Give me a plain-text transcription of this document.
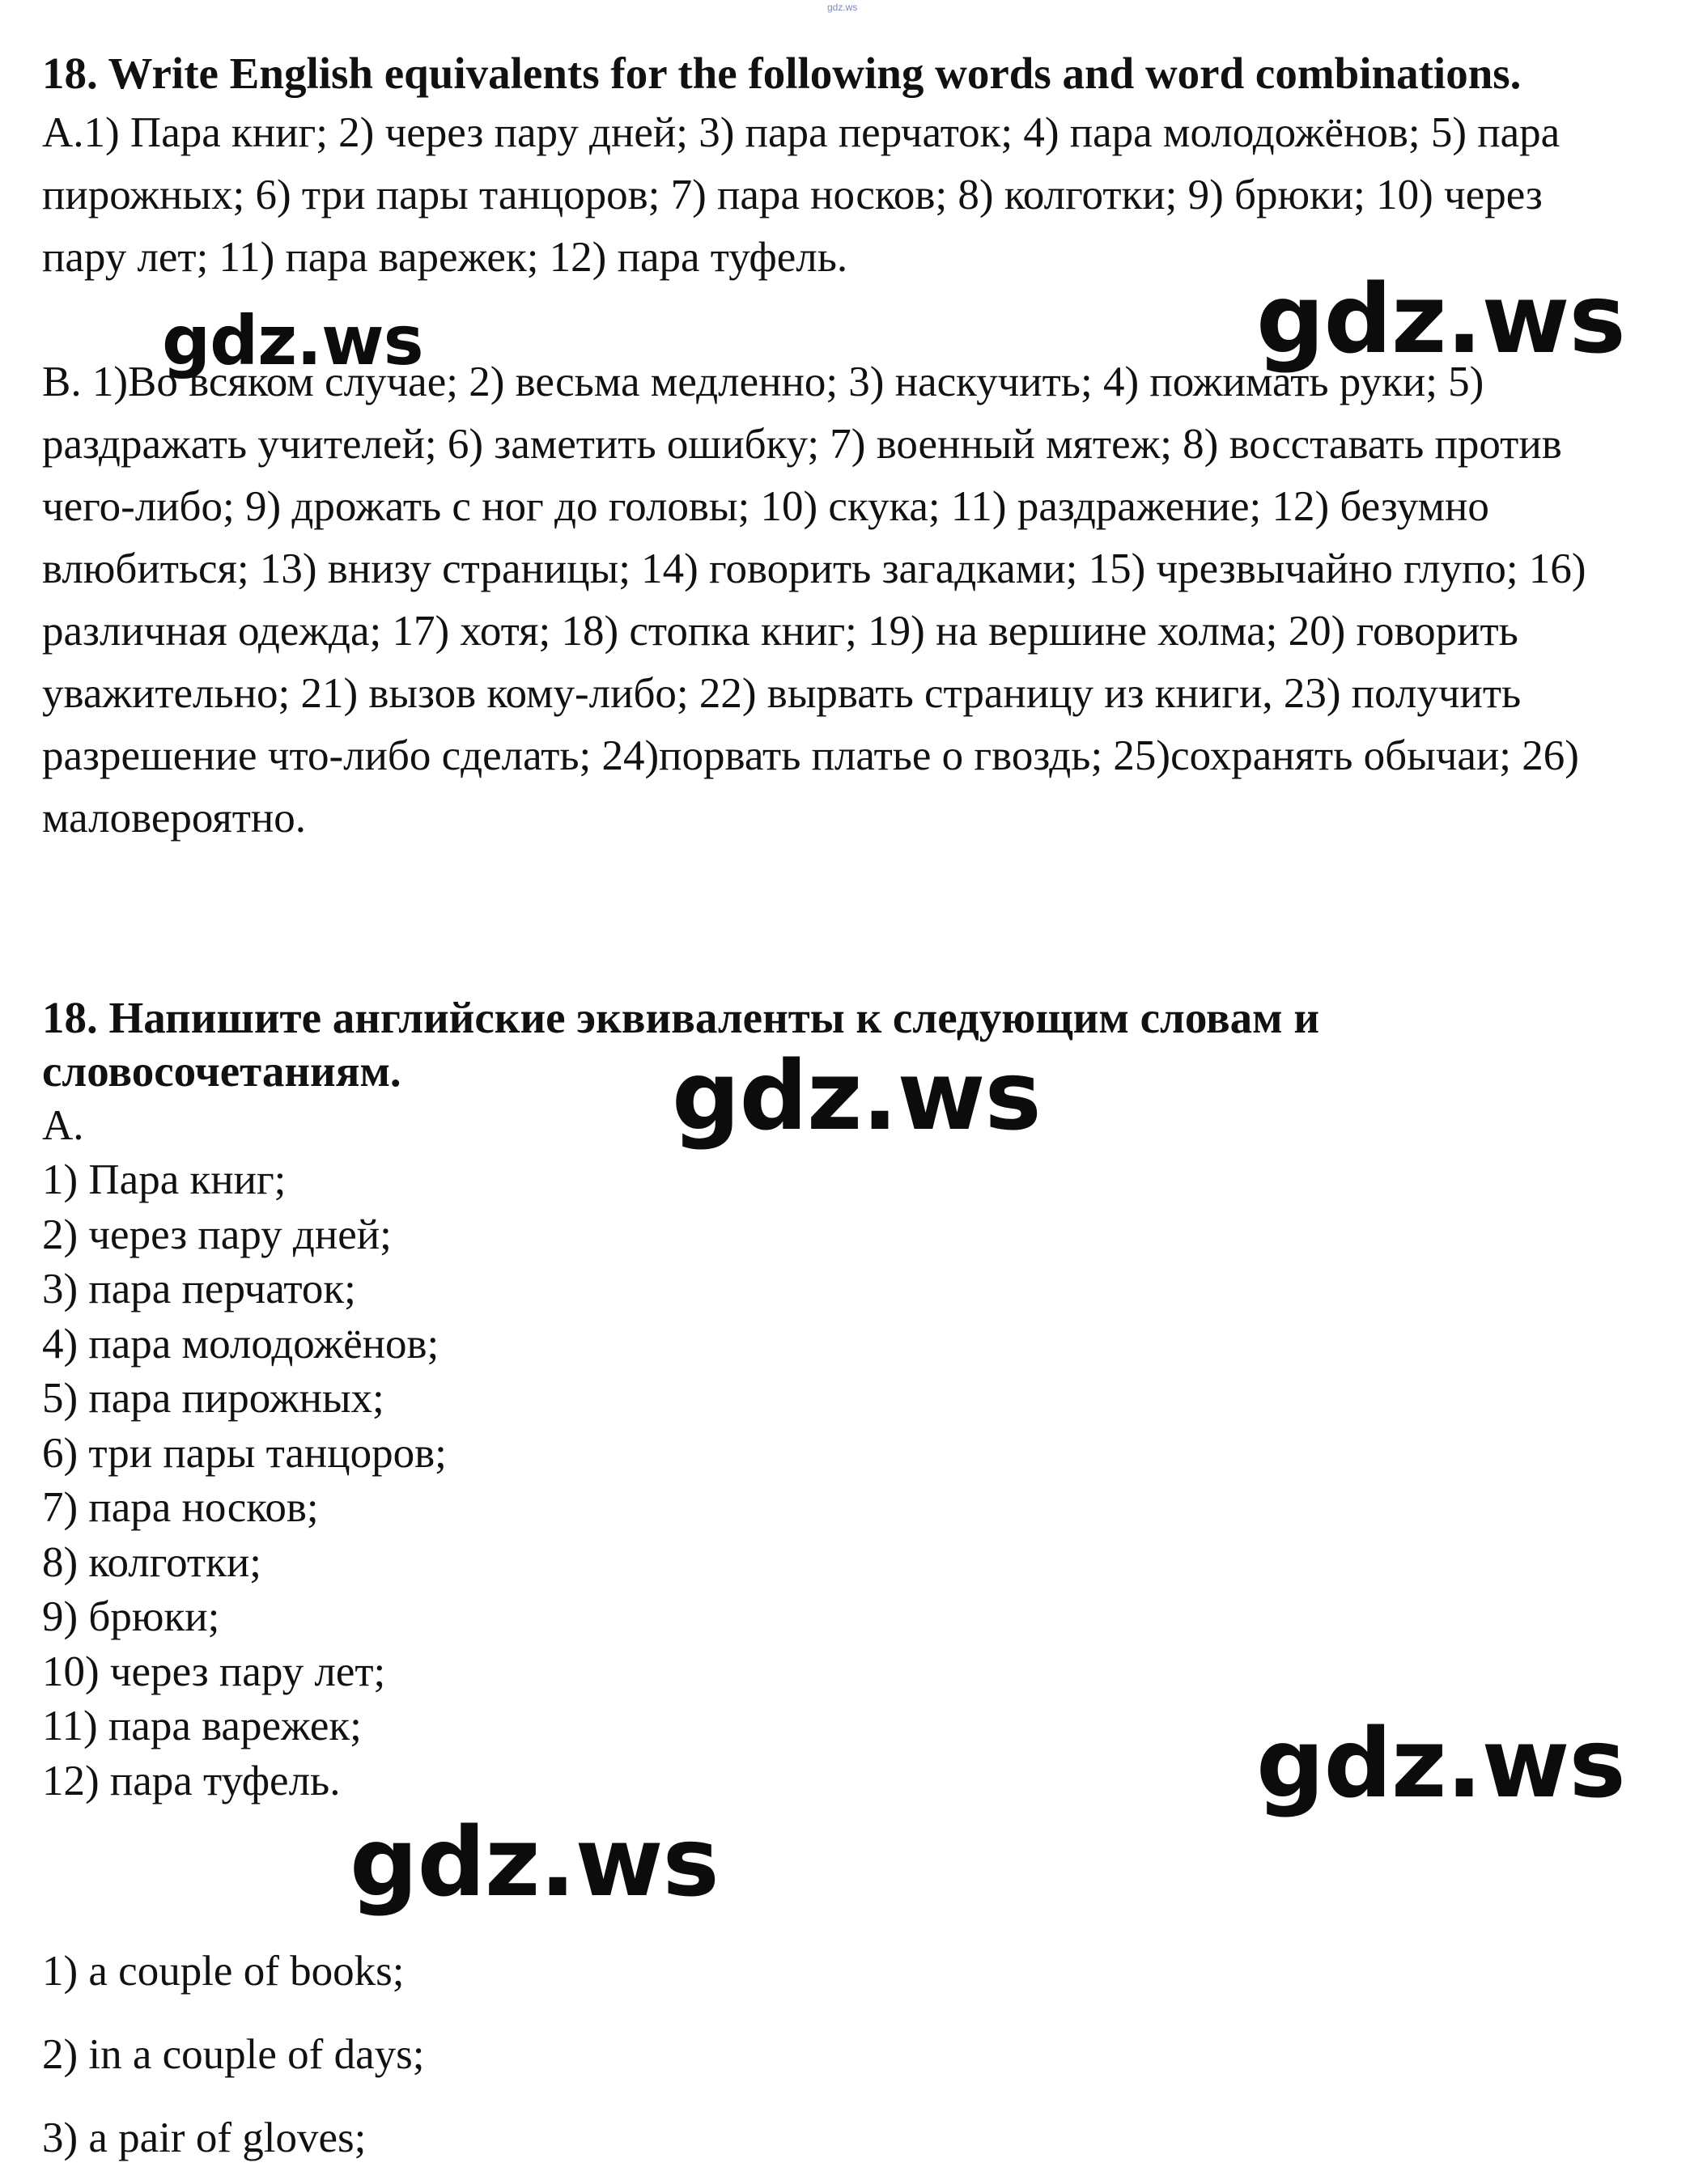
gdz.ws
18. Write English equivalents for the following words and word combinations.

A.1) Пара книг; 2) через пару дней; 3) пара перчаток; 4) пара молодожёнов; 5) пара пирожных; 6) три пары танцоров; 7) пара носков; 8) колготки; 9) брюки; 10) через пару лет; 11) пара варежек; 12) пара туфель.

B. 1)Во всяком случае; 2) весьма медленно; 3) наскучить; 4) пожимать руки; 5) раздражать учителей; 6) заметить ошибку; 7) военный мятеж; 8) восставать против чего-либо; 9) дрожать с ног до головы; 10) скука; 11) раздражение; 12) безумно влюбиться; 13) внизу страницы; 14) говорить загадками; 15) чрезвычайно глупо; 16) различная одежда; 17) хотя; 18) стопка книг; 19) на вершине холма; 20) говорить уважительно; 21) вызов кому-либо; 22) вырвать страницу из книги, 23) получить разрешение что-либо сделать; 24)порвать платье о гвоздь; 25)сохранять обычаи; 26) маловероятно.

18. Напишите английские эквиваленты к следующим словам и
словосочетаниям.

А.

1) Пара книг;
2) через пару дней;
3) пара перчаток;
4) пара молодожёнов;
5) пара пирожных;
6) три пары танцоров;
7) пара носков;
8) колготки;
9) брюки;
10) через пару лет;
11) пара варежек;
12) пара туфель.
1) a couple of books;
2) in a couple of days;
3) a pair of gloves;
gdz.ws	gdz.ws
gdz.ws
gdz.ws
gdz.ws
